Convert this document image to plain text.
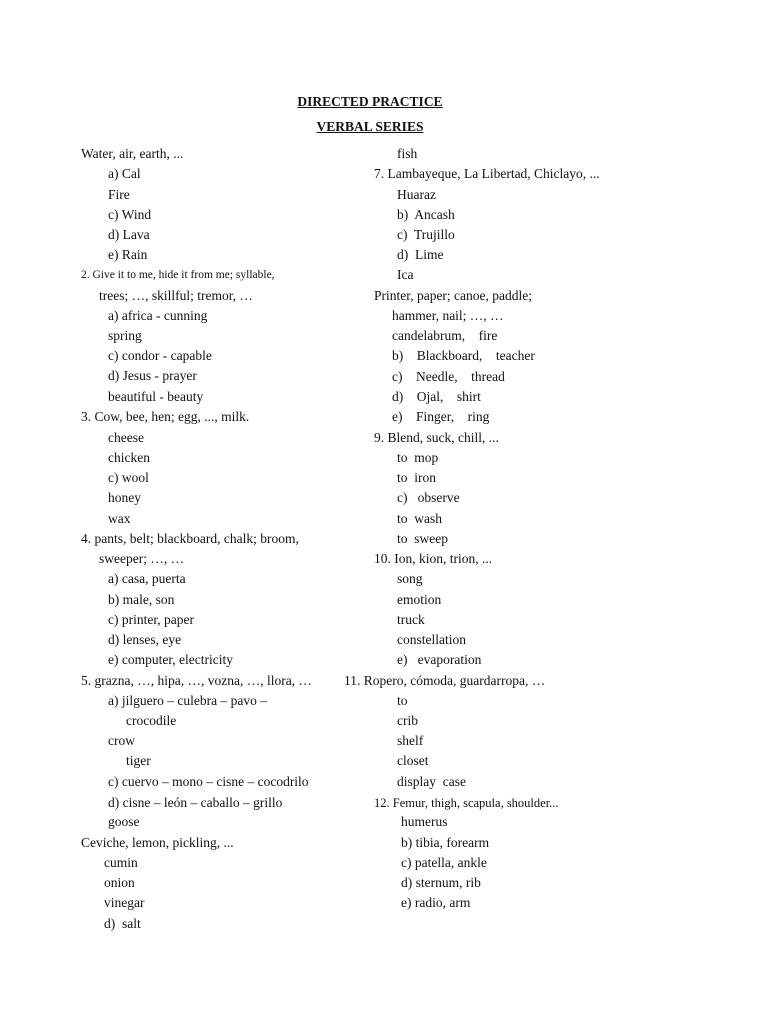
DIRECTED PRACTICE
VERBAL SERIES
Water, air, earth, ...
a) Cal
Fire
c) Wind
d) Lava
e) Rain
2. Give it to me, hide it from me; syllable,
trees; …, skillful; tremor, …
a) africa - cunning
spring
c) condor - capable
d) Jesus - prayer
beautiful - beauty
3. Cow, bee, hen; egg, ..., milk.
cheese
chicken
c) wool
honey
wax
4. pants, belt; blackboard, chalk; broom,
sweeper; …, …
a) casa, puerta
b) male, son
c) printer, paper
d) lenses, eye
e) computer, electricity
5. grazna, …, hipa, …, vozna, …, llora, …
a) jilguero – culebra – pavo –
crocodile
crow
tiger
c) cuervo – mono – cisne – cocodrilo
d) cisne – león – caballo – grillo
goose
Ceviche, lemon, pickling, ...
cumin
onion
vinegar
d)  salt
fish
7. Lambayeque, La Libertad, Chiclayo, ...
Huaraz
b)  Ancash
c)  Trujillo
d)  Lime
Ica
Printer, paper; canoe, paddle;
hammer, nail; …, …
candelabrum,    fire
b)    Blackboard,    teacher
c)    Needle,    thread
d)    Ojal,    shirt
e)    Finger,    ring
9. Blend, suck, chill, ...
to  mop
to  iron
c)   observe
to  wash
to  sweep
10. Ion, kion, trion, ...
song
emotion
truck
constellation
e)   evaporation
11. Ropero, cómoda, guardarropa, …
to
crib
shelf
closet
display  case
12. Femur, thigh, scapula, shoulder...
humerus
b) tibia, forearm
c) patella, ankle
d) sternum, rib
e) radio, arm
